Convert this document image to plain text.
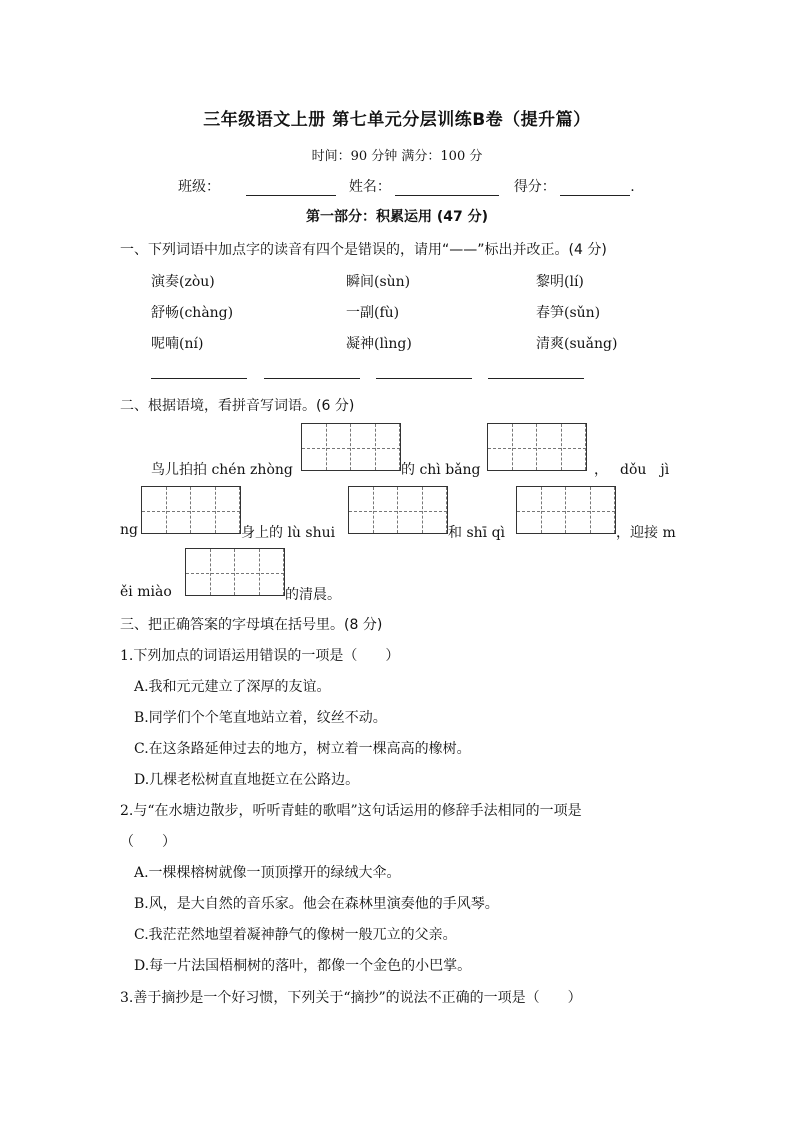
三年级语文上册 第七单元分层训练B卷（提升篇）
时间：90 分钟 满分：100 分
班级：	姓名：	得分：	.
第一部分：积累运用 (47 分)
一、下列词语中加点字的读音有四个是错误的，请用“——”标出并改正。(4 分)
演奏(zòu)	瞬间(sùn)	黎明(lí)
舒畅(chàng)	一副(fù)	春笋(sǔn)
呢喃(ní)	凝神(lìng)	清爽(suǎng)
二、根据语境，看拼音写词语。(6 分)
鸟儿拍拍 chén zhòng	的 chì bǎng	， dǒu　jì
ng	身上的 lù shui	和 shī qì	，迎接 m
ěi miào	的清晨。
三、把正确答案的字母填在括号里。(8 分)
1.下列加点的词语运用错误的一项是（　　）
A.我和元元建立了深厚的友谊。
B.同学们个个笔直地站立着，纹丝不动。
C.在这条路延伸过去的地方，树立着一棵高高的橡树。
D.几棵老松树直直地挺立在公路边。
2.与“在水塘边散步，听听青蛙的歌唱”这句话运用的修辞手法相同的一项是
（　　）
A.一棵棵榕树就像一顶顶撑开的绿绒大伞。
B.风，是大自然的音乐家。他会在森林里演奏他的手风琴。
C.我茫茫然地望着凝神静气的像树一般兀立的父亲。
D.每一片法国梧桐树的落叶，都像一个金色的小巴掌。
3.善于摘抄是一个好习惯，下列关于“摘抄”的说法不正确的一项是（　　）
